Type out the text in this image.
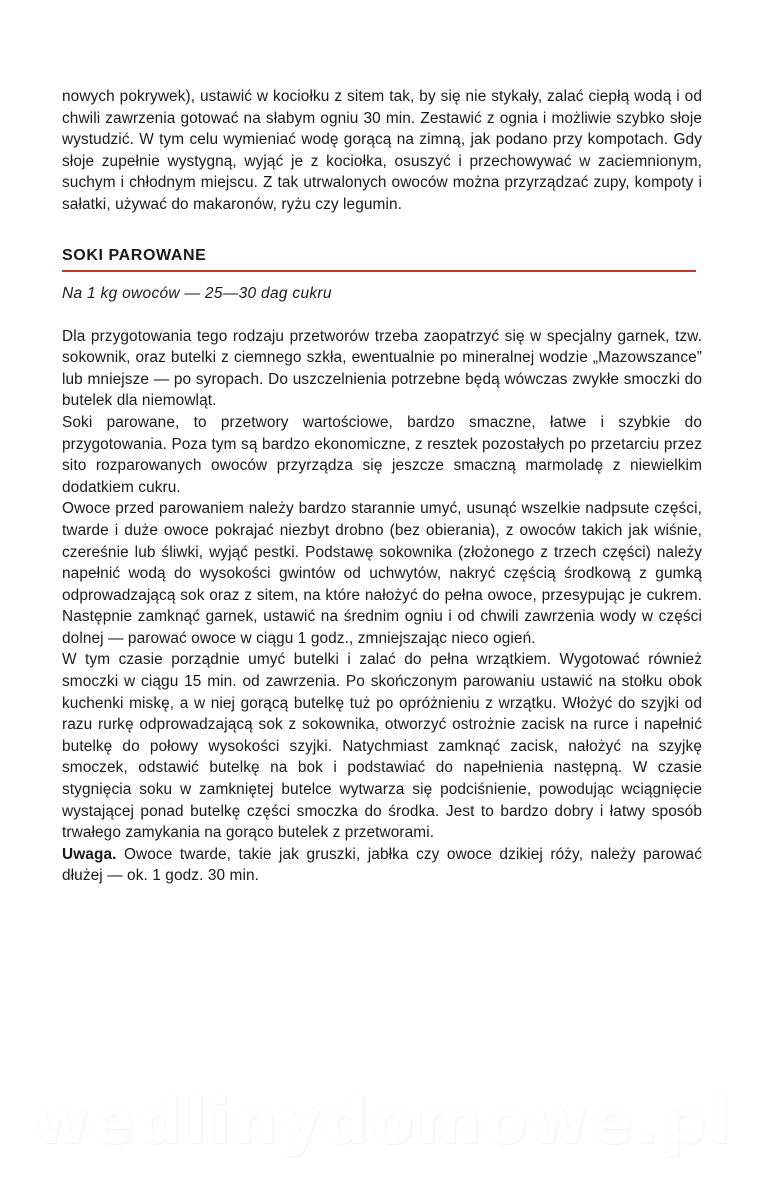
nowych pokrywek), ustawić w kociołku z sitem tak, by się nie stykały, zalać ciepłą wodą i od chwili zawrzenia gotować na słabym ogniu 30 min. Zestawić z ognia i możliwie szybko słoje wystudzić. W tym celu wymieniać wodę gorącą na zimną, jak podano przy kompotach. Gdy słoje zupełnie wystygną, wyjąć je z kociołka, osuszyć i przechowywać w zaciemnionym, suchym i chłodnym miejscu. Z tak utrwalonych owoców można przyrządzać zupy, kompoty i sałatki, używać do makaronów, ryżu czy legumin.

SOKI PAROWANE

Na 1 kg owoców — 25—30 dag cukru

Dla przygotowania tego rodzaju przetworów trzeba zaopatrzyć się w specjalny garnek, tzw. sokownik, oraz butelki z ciemnego szkła, ewentualnie po mineralnej wodzie „Mazowszance” lub mniejsze — po syropach. Do uszczelnienia potrzebne będą wówczas zwykłe smoczki do butelek dla niemowląt.

Soki parowane, to przetwory wartościowe, bardzo smaczne, łatwe i szybkie do przygotowania. Poza tym są bardzo ekonomiczne, z resztek pozostałych po przetarciu przez sito rozparowanych owoców przyrządza się jeszcze smaczną marmoladę z niewielkim dodatkiem cukru.

Owoce przed parowaniem należy bardzo starannie umyć, usunąć wszelkie nadpsute części, twarde i duże owoce pokrajać niezbyt drobno (bez obierania), z owoców takich jak wiśnie, czereśnie lub śliwki, wyjąć pestki. Podstawę sokownika (złożonego z trzech części) należy napełnić wodą do wysokości gwintów od uchwytów, nakryć częścią środkową z gumką odprowadzającą sok oraz z sitem, na które nałożyć do pełna owoce, przesypując je cukrem. Następnie zamknąć garnek, ustawić na średnim ogniu i od chwili zawrzenia wody w części dolnej — parować owoce w ciągu 1 godz., zmniejszając nieco ogień.

W tym czasie porządnie umyć butelki i zalać do pełna wrzątkiem. Wygotować również smoczki w ciągu 15 min. od zawrzenia. Po skończonym parowaniu ustawić na stołku obok kuchenki miskę, a w niej gorącą butelkę tuż po opróżnieniu z wrzątku. Włożyć do szyjki od razu rurkę odprowadzającą sok z sokownika, otworzyć ostrożnie zacisk na rurce i napełnić butelkę do połowy wysokości szyjki. Natychmiast zamknąć zacisk, nałożyć na szyjkę smoczek, odstawić butelkę na bok i podstawiać do napełnienia następną. W czasie stygnięcia soku w zamkniętej butelce wytwarza się podciśnienie, powodując wciągnięcie wystającej ponad butelkę części smoczka do środka. Jest to bardzo dobry i łatwy sposób trwałego zamykania na gorąco butelek z przetworami.

Uwaga. Owoce twarde, takie jak gruszki, jabłka czy owoce dzikiej róży, należy parować dłużej — ok. 1 godz. 30 min.

wedlinydomowe.pl
